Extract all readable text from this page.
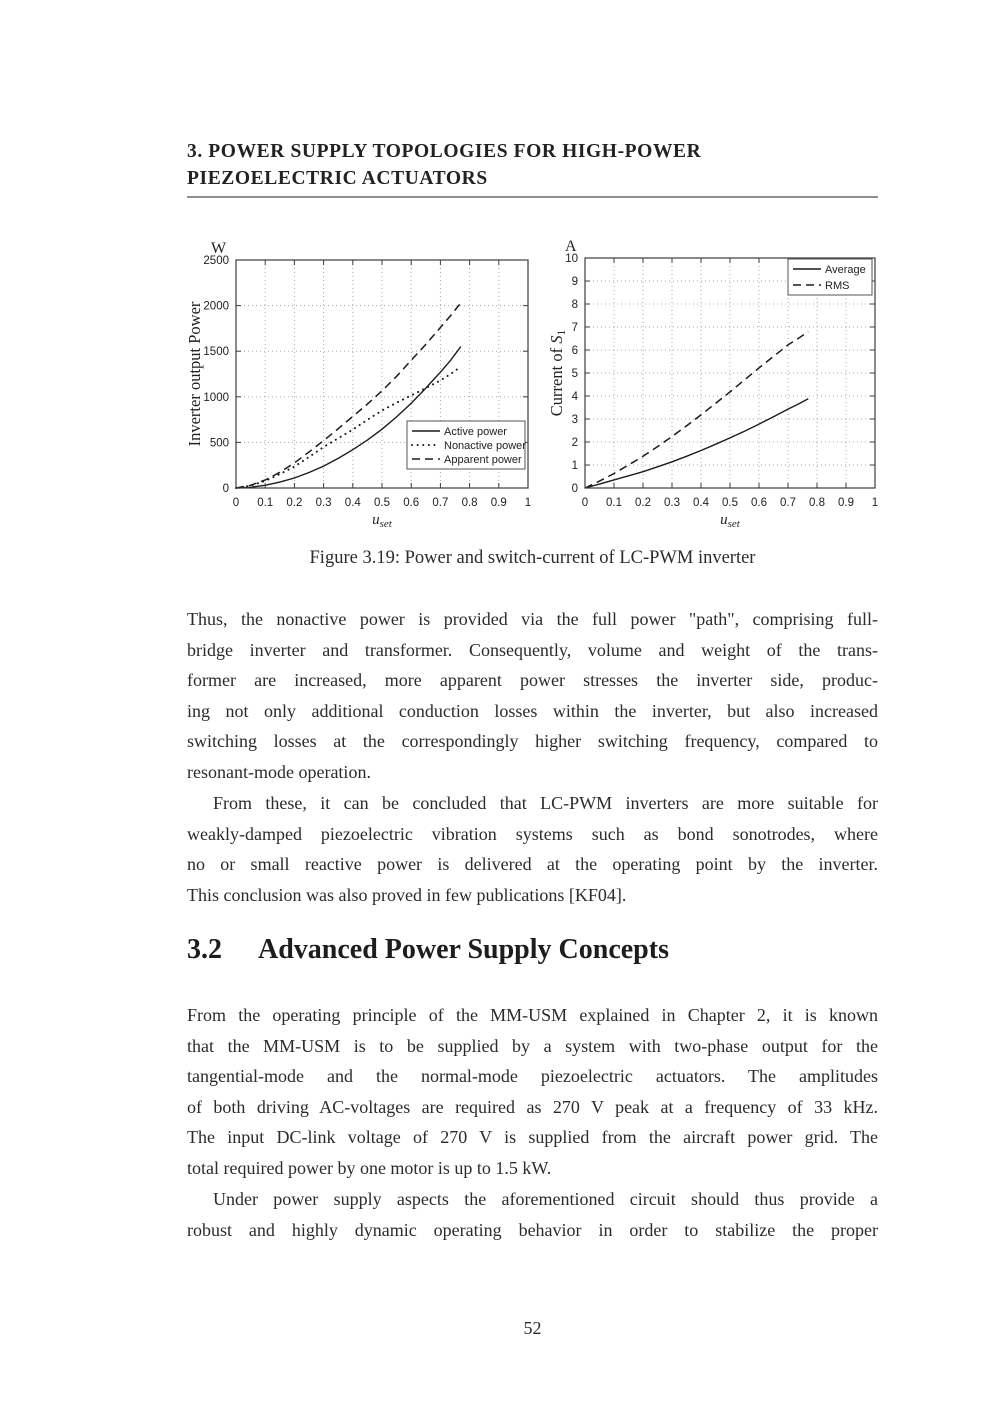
3. POWER SUPPLY TOPOLOGIES FOR HIGH-POWER
PIEZOELECTRIC ACTUATORS
0 0.1 0.2 0.3 0.4 0.5 0.6 0.7 0.8 0.9 1
0
500
1000
1500
2000
2500
W
Inverter output Power
$u_{set}$
Active power
Nonactive power
Apparent power
0 0.1 0.2 0.3 0.4 0.5 0.6 0.7 0.8 0.9 1
0
1
2
3
4
5
6
7
8
9
10
A
Current of S1
$u_{set}$
Average
RMS
Figure 3.19: Power and switch-current of LC-PWM inverter
Thus, the nonactive power is provided via the full power "path", comprising full-
bridge inverter and transformer. Consequently, volume and weight of the trans-
former are increased, more apparent power stresses the inverter side, produc-
ing not only additional conduction losses within the inverter, but also increased
switching losses at the correspondingly higher switching frequency, compared to
resonant-mode operation.
From these, it can be concluded that LC-PWM inverters are more suitable for
weakly-damped piezoelectric vibration systems such as bond sonotrodes, where
no or small reactive power is delivered at the operating point by the inverter.
This conclusion was also proved in few publications [KF04].
3.2 Advanced Power Supply Concepts
From the operating principle of the MM-USM explained in Chapter 2, it is known
that the MM-USM is to be supplied by a system with two-phase output for the
tangential-mode and the normal-mode piezoelectric actuators. The amplitudes
of both driving AC-voltages are required as 270 V peak at a frequency of 33 kHz.
The input DC-link voltage of 270 V is supplied from the aircraft power grid. The
total required power by one motor is up to 1.5 kW.
Under power supply aspects the aforementioned circuit should thus provide a
robust and highly dynamic operating behavior in order to stabilize the proper
52
